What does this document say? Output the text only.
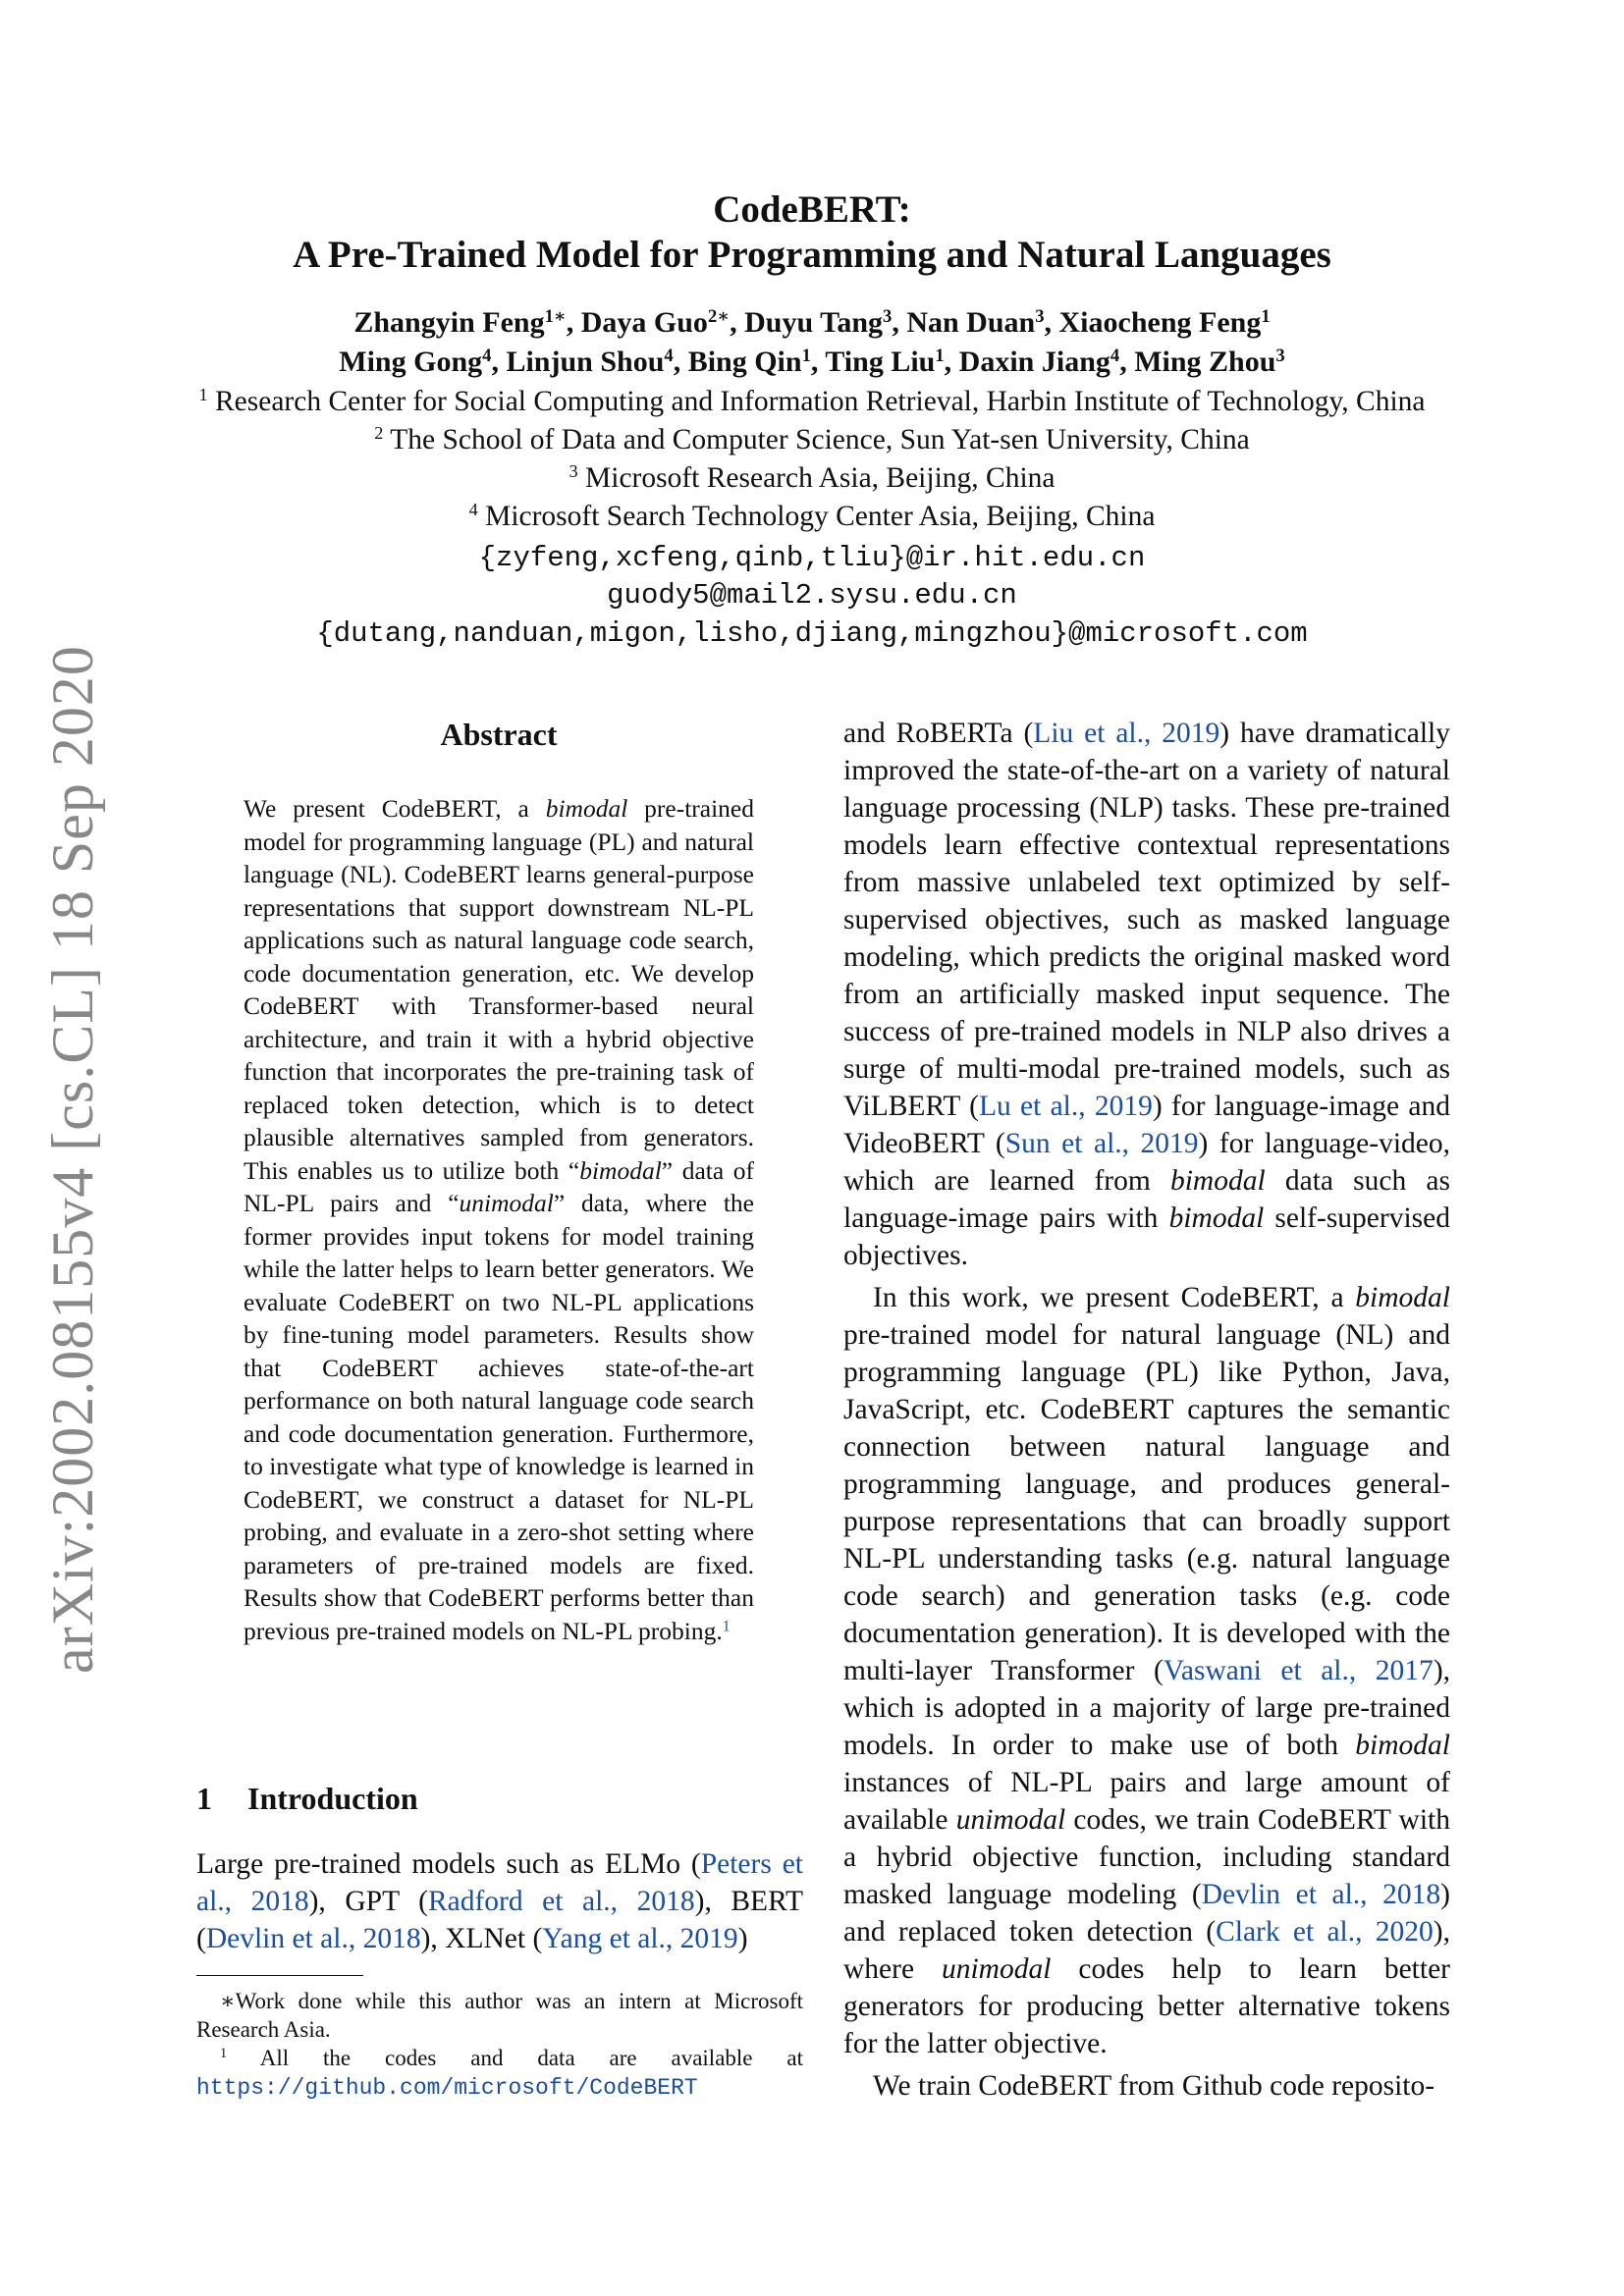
CodeBERT:
A Pre-Trained Model for Programming and Natural Languages
Zhangyin Feng$^{1∗}$, Daya Guo$^{2∗}$, Duyu Tang$^3$, Nan Duan$^3$, Xiaocheng Feng$^1$
Ming Gong$^4$, Linjun Shou$^4$, Bing Qin$^1$, Ting Liu$^1$, Daxin Jiang$^4$, Ming Zhou$^3$
$^1$ Research Center for Social Computing and Information Retrieval, Harbin Institute of Technology, China
$^2$ The School of Data and Computer Science, Sun Yat-sen University, China
$^3$ Microsoft Research Asia, Beijing, China
$^4$ Microsoft Search Technology Center Asia, Beijing, China
{zyfeng,xcfeng,qinb,tliu}@ir.hit.edu.cn
guody5@mail2.sysu.edu.cn
{dutang,nanduan,migon,lisho,djiang,mingzhou}@microsoft.com
arXiv:2002.08155v4 [cs.CL] 18 Sep 2020	Abstract
We present CodeBERT, a bimodal pre-trained model for programming language (PL) and natural language (NL). CodeBERT learns general-purpose representations that support downstream NL-PL applications such as natural language code search, code documentation generation, etc. We develop CodeBERT with Transformer-based neural architecture, and train it with a hybrid objective function that incorporates the pre-training task of replaced token detection, which is to detect plausible alternatives sampled from generators. This enables us to utilize both “bimodal” data of NL-PL pairs and “unimodal” data, where the former provides input tokens for model training while the latter helps to learn better generators. We evaluate CodeBERT on two NL-PL applications by fine-tuning model parameters. Results show that CodeBERT achieves state-of-the-art performance on both natural language code search and code documentation generation. Furthermore, to investigate what type of knowledge is learned in CodeBERT, we construct a dataset for NL-PL probing, and evaluate in a zero-shot setting where parameters of pre-trained models are fixed. Results show that CodeBERT performs better than previous pre-trained models on NL-PL probing.$^1$
1 Introduction
Large pre-trained models such as ELMo (Peters et al., 2018), GPT (Radford et al., 2018), BERT (Devlin et al., 2018), XLNet (Yang et al., 2019)

∗Work done while this author was an intern at Microsoft Research Asia.

$^1$ All the codes and data are available at https://github.com/microsoft/CodeBERT

and RoBERTa (Liu et al., 2019) have dramatically improved the state-of-the-art on a variety of natural language processing (NLP) tasks. These pre-trained models learn effective contextual representations from massive unlabeled text optimized by self-supervised objectives, such as masked language modeling, which predicts the original masked word from an artificially masked input sequence. The success of pre-trained models in NLP also drives a surge of multi-modal pre-trained models, such as ViLBERT (Lu et al., 2019) for language-image and VideoBERT (Sun et al., 2019) for language-video, which are learned from bimodal data such as language-image pairs with bimodal self-supervised objectives.

In this work, we present CodeBERT, a bimodal pre-trained model for natural language (NL) and programming language (PL) like Python, Java, JavaScript, etc. CodeBERT captures the semantic connection between natural language and programming language, and produces general-purpose representations that can broadly support NL-PL understanding tasks (e.g. natural language code search) and generation tasks (e.g. code documentation generation). It is developed with the multi-layer Transformer (Vaswani et al., 2017), which is adopted in a majority of large pre-trained models. In order to make use of both bimodal instances of NL-PL pairs and large amount of available unimodal codes, we train CodeBERT with a hybrid objective function, including standard masked language modeling (Devlin et al., 2018) and replaced token detection (Clark et al., 2020), where unimodal codes help to learn better generators for producing better alternative tokens for the latter objective.

We train CodeBERT from Github code reposito-
